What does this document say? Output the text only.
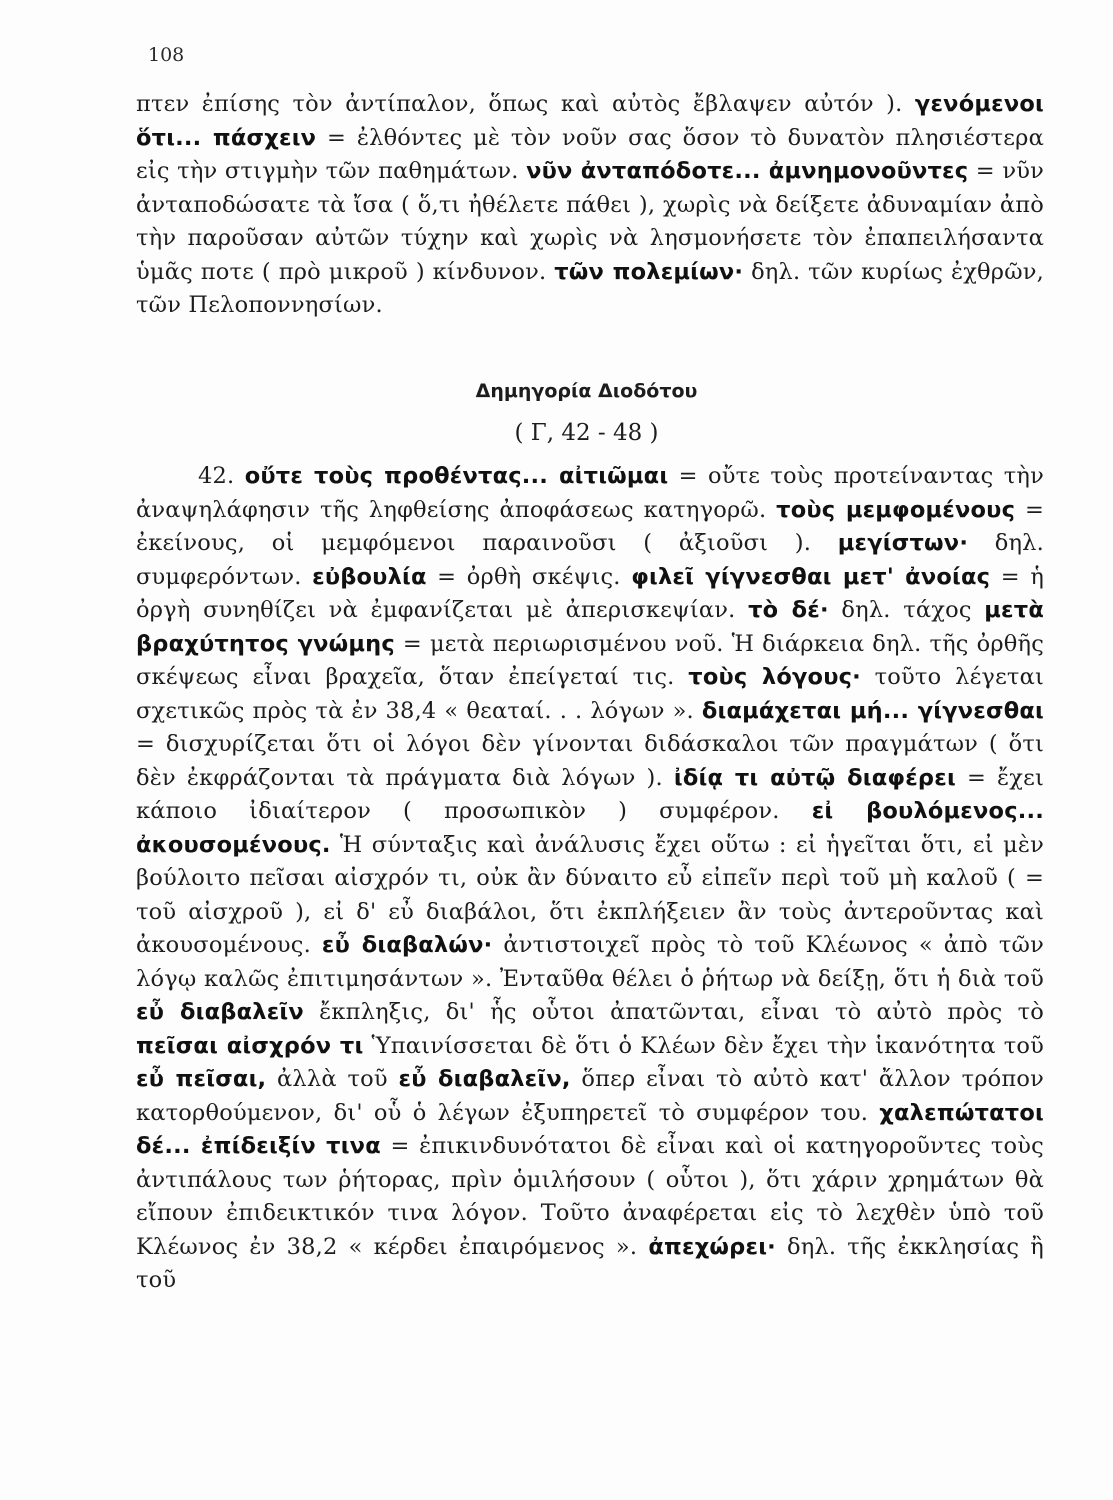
108

πτεν ἐπίσης τὸν ἀντίπαλον, ὅπως καὶ αὐτὸς ἔβλαψεν αὐτόν ). γενόμενοι ὅτι... πάσχειν = ἐλθόντες μὲ τὸν νοῦν σας ὅσον τὸ δυνατὸν πλησιέστερα εἰς τὴν στιγμὴν τῶν παθημάτων. νῦν ἀνταπόδοτε... ἀμνημονοῦντες = νῦν ἀνταποδώσατε τὰ ἴσα ( ὅ,τι ἠθέλετε πάθει ), χωρὶς νὰ δείξετε ἀδυναμίαν ἀπὸ τὴν παροῦσαν αὐτῶν τύχην καὶ χωρὶς νὰ λησμονήσετε τὸν ἐπαπειλήσαντα ὑμᾶς ποτε ( πρὸ μικροῦ ) κίνδυνον. τῶν πολεμίων· δηλ. τῶν κυρίως ἐχθρῶν, τῶν Πελοποννησίων.

Δημηγορία Διοδότου
( Γ, 42 - 48 )

42. οὔτε τοὺς προθέντας... αἰτιῶμαι = οὔτε τοὺς προτείναντας τὴν ἀναψηλάφησιν τῆς ληφθείσης ἀποφάσεως κατηγορῶ. τοὺς μεμφομένους = ἐκείνους, οἱ μεμφόμενοι παραινοῦσι ( ἀξιοῦσι ). μεγίστων· δηλ. συμφερόντων. εὐβουλία = ὀρθὴ σκέψις. φιλεῖ γίγνεσθαι μετ' ἀνοίας = ἡ ὀργὴ συνηθίζει νὰ ἐμφανίζεται μὲ ἀπερισκεψίαν. τὸ δέ· δηλ. τάχος μετὰ βραχύτητος γνώμης = μετὰ περιωρισμένου νοῦ. Ἡ διάρκεια δηλ. τῆς ὀρθῆς σκέψεως εἶναι βραχεῖα, ὅταν ἐπείγεταί τις. τοὺς λόγους· τοῦτο λέγεται σχετικῶς πρὸς τὰ ἐν 38,4 « θεαταί. . . λόγων ». διαμάχεται μή... γίγνεσθαι = δισχυρίζεται ὅτι οἱ λόγοι δὲν γίνονται διδάσκαλοι τῶν πραγμάτων ( ὅτι δὲν ἐκφράζονται τὰ πράγματα διὰ λόγων ). ἰδίᾳ τι αὐτῷ διαφέρει = ἔχει κάποιο ἰδιαίτερον ( προσωπικὸν ) συμφέρον. εἰ βουλόμενος... ἀκουσομένους. Ἡ σύνταξις καὶ ἀνάλυσις ἔχει οὕτω : εἰ ἡγεῖται ὅτι, εἰ μὲν βούλοιτο πεῖσαι αἰσχρόν τι, οὐκ ἂν δύναιτο εὖ εἰπεῖν περὶ τοῦ μὴ καλοῦ ( = τοῦ αἰσχροῦ ), εἰ δ' εὖ διαβάλοι, ὅτι ἐκπλήξειεν ἂν τοὺς ἀντεροῦντας καὶ ἀκουσομένους. εὖ διαβαλών· ἀντιστοιχεῖ πρὸς τὸ τοῦ Κλέωνος « ἀπὸ τῶν λόγῳ καλῶς ἐπιτιμησάντων ». Ἐνταῦθα θέλει ὁ ῥήτωρ νὰ δείξῃ, ὅτι ἡ διὰ τοῦ εὖ διαβαλεῖν ἔκπληξις, δι' ἧς οὗτοι ἀπατῶνται, εἶναι τὸ αὐτὸ πρὸς τὸ πεῖσαι αἰσχρόν τι Ὑπαινίσσεται δὲ ὅτι ὁ Κλέων δὲν ἔχει τὴν ἱκανότητα τοῦ εὖ πεῖσαι, ἀλλὰ τοῦ εὖ διαβαλεῖν, ὅπερ εἶναι τὸ αὐτὸ κατ' ἄλλον τρόπον κατορθούμενον, δι' οὗ ὁ λέγων ἐξυπηρετεῖ τὸ συμφέρον του. χαλεπώτατοι δέ... ἐπίδειξίν τινα = ἐπικινδυνότατοι δὲ εἶναι καὶ οἱ κατηγοροῦντες τοὺς ἀντιπάλους των ῥήτορας, πρὶν ὁμιλήσουν ( οὗτοι ), ὅτι χάριν χρημάτων θὰ εἴπουν ἐπιδεικτικόν τινα λόγον. Τοῦτο ἀναφέρεται εἰς τὸ λεχθὲν ὑπὸ τοῦ Κλέωνος ἐν 38,2 « κέρδει ἐπαιρόμενος ». ἀπεχώρει· δηλ. τῆς ἐκκλησίας ἢ τοῦ
